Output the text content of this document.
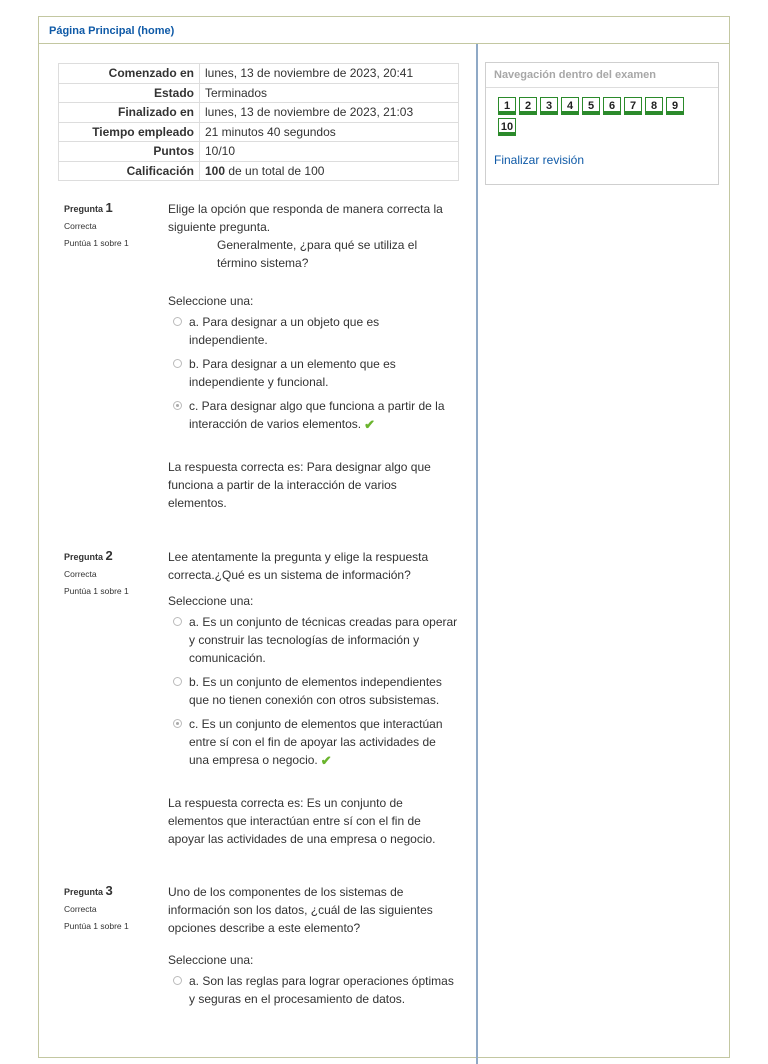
Página Principal (home)
Comenzado en	lunes, 13 de noviembre de 2023, 20:41
Estado	Terminados
Finalizado en	lunes, 13 de noviembre de 2023, 21:03
Tiempo empleado	21 minutos 40 segundos
Puntos	10/10
Calificación	100 de un total de 100
Navegación dentro del examen
1 2 3 4 5 6 7 8 910
Finalizar revisión
Pregunta 1
Correcta
Puntúa 1 sobre 1

Elige la opción que responda de manera correcta la siguiente pregunta.

Generalmente, ¿para qué se utiliza el término sistema?

Seleccione una:

a. Para designar a un objeto que es independiente.
b. Para designar a un elemento que es independiente y funcional.
c. Para designar algo que funciona a partir de la interacción de varios elementos. ✔

La respuesta correcta es: Para designar algo que funciona a partir de la interacción de varios elementos.

Pregunta 2
Correcta
Puntúa 1 sobre 1

Lee atentamente la pregunta y elige la respuesta correcta.¿Qué es un sistema de información?

Seleccione una:

a. Es un conjunto de técnicas creadas para operar y construir las tecnologías de información y comunicación.
b. Es un conjunto de elementos independientes que no tienen conexión con otros subsistemas.
c. Es un conjunto de elementos que interactúan entre sí con el fin de apoyar las actividades de una empresa o negocio. ✔

La respuesta correcta es: Es un conjunto de elementos que interactúan entre sí con el fin de apoyar las actividades de una empresa o negocio.

Pregunta 3
Correcta
Puntúa 1 sobre 1

Uno de los componentes de los sistemas de información son los datos, ¿cuál de las siguientes opciones describe a este elemento?

Seleccione una:

a. Son las reglas para lograr operaciones óptimas y seguras en el procesamiento de datos.
